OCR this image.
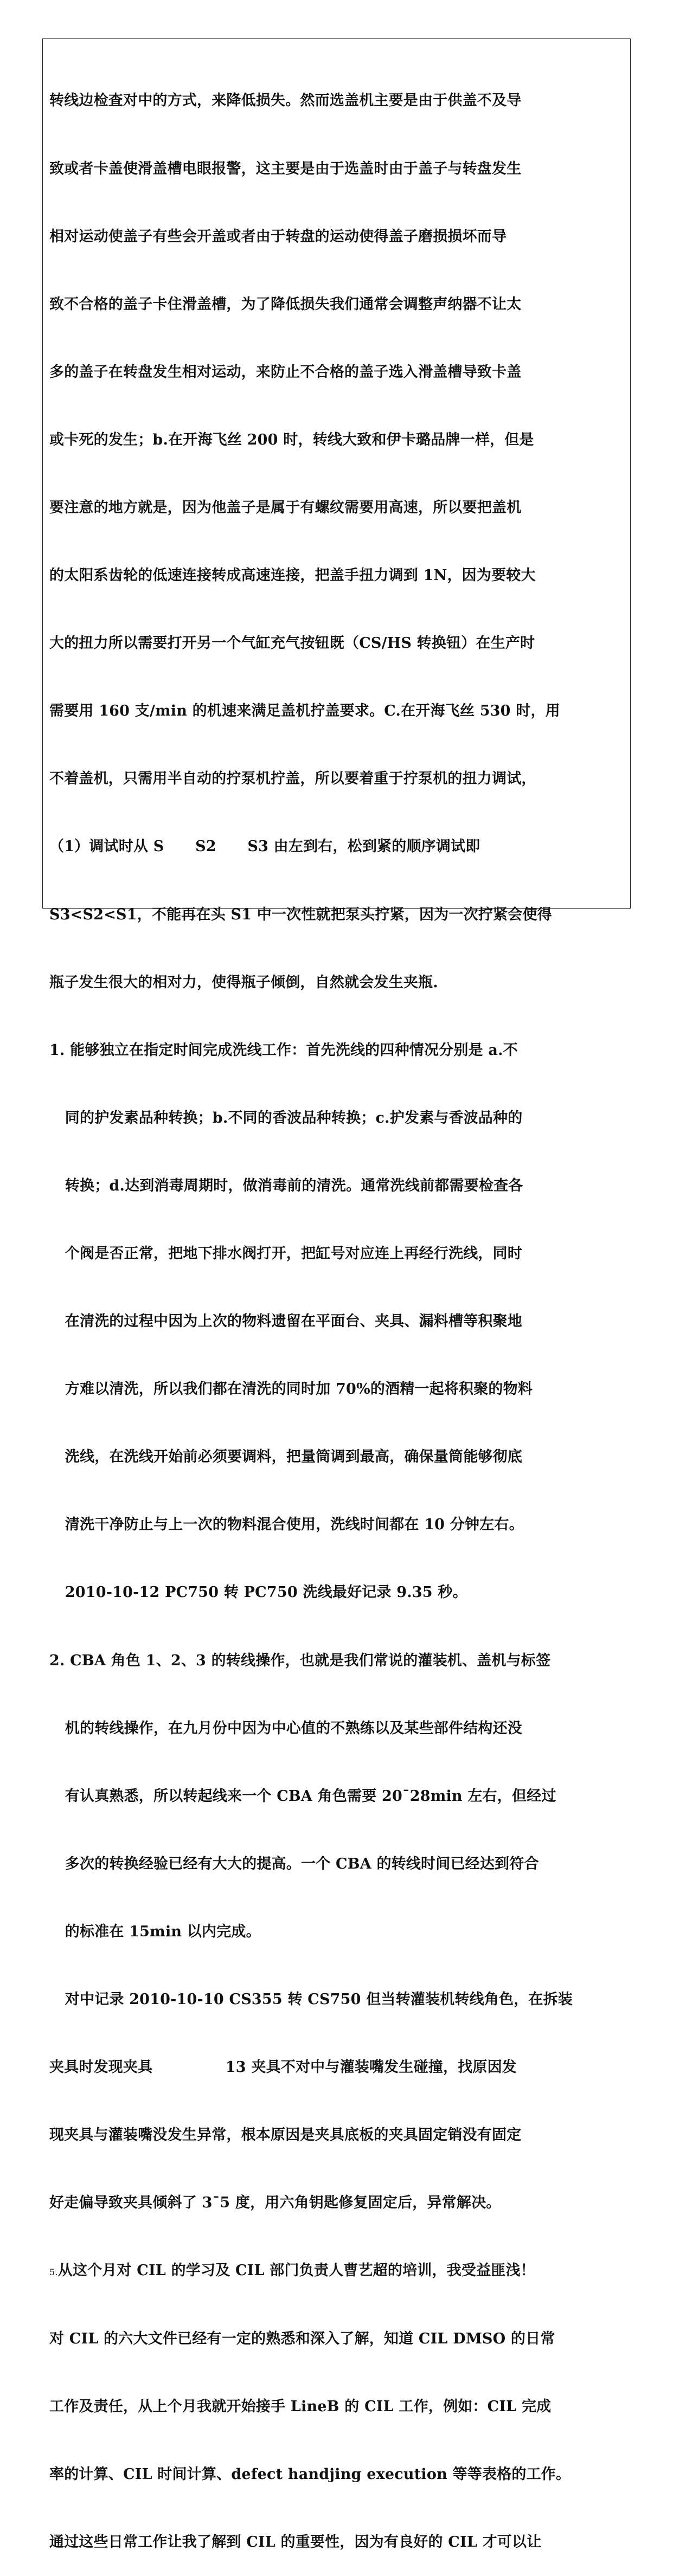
转线边检查对中的方式，来降低损失。然而选盖机主要是由于供盖不及导

致或者卡盖使滑盖槽电眼报警，这主要是由于选盖时由于盖子与转盘发生

相对运动使盖子有些会开盖或者由于转盘的运动使得盖子磨损损坏而导

致不合格的盖子卡住滑盖槽，为了降低损失我们通常会调整声纳器不让太

多的盖子在转盘发生相对运动，来防止不合格的盖子选入滑盖槽导致卡盖

或卡死的发生；b.在开海飞丝 200 时，转线大致和伊卡璐品牌一样，但是

要注意的地方就是，因为他盖子是属于有螺纹需要用高速，所以要把盖机

的太阳系齿轮的低速连接转成高速连接，把盖手扭力调到 1N，因为要较大

大的扭力所以需要打开另一个气缸充气按钮既（CS/HS 转换钮）在生产时

需要用 160 支/min 的机速来满足盖机拧盖要求。C.在开海飞丝 530 时，用

不着盖机，只需用半自动的拧泵机拧盖，所以要着重于拧泵机的扭力调试，

（1）调试时从 S      S2      S3 由左到右，松到紧的顺序调试即

S3<S2<S1，不能再在头 S1 中一次性就把泵头拧紧，因为一次拧紧会使得

瓶子发生很大的相对力，使得瓶子倾倒，自然就会发生夹瓶.

1. 能够独立在指定时间完成洗线工作：首先洗线的四种情况分别是 a.不

同的护发素品种转换；b.不同的香波品种转换；c.护发素与香波品种的

转换；d.达到消毒周期时，做消毒前的清洗。通常洗线前都需要检查各

个阀是否正常，把地下排水阀打开，把缸号对应连上再经行洗线，同时

在清洗的过程中因为上次的物料遗留在平面台、夹具、漏料槽等积聚地

方难以清洗，所以我们都在清洗的同时加 70%的酒精一起将积聚的物料

洗线，在洗线开始前必须要调料，把量筒调到最高，确保量筒能够彻底

清洗干净防止与上一次的物料混合使用，洗线时间都在 10 分钟左右。

2010-10-12 PC750 转 PC750 洗线最好记录 9.35 秒。

2. CBA 角色 1、2、3 的转线操作，也就是我们常说的灌装机、盖机与标签

机的转线操作，在九月份中因为中心值的不熟练以及某些部件结构还没

有认真熟悉，所以转起线来一个 CBA 角色需要 20¯28min 左右，但经过

多次的转换经验已经有大大的提高。一个 CBA 的转线时间已经达到符合

的标准在 15min 以内完成。

对中记录 2010-10-10 CS355 转 CS750 但当转灌装机转线角色，在拆装

夹具时发现夹具              13 夹具不对中与灌装嘴发生碰撞，找原因发

现夹具与灌装嘴没发生异常，根本原因是夹具底板的夹具固定销没有固定

好走偏导致夹具倾斜了 3¯5 度，用六角钥匙修复固定后，异常解决。

5.从这个月对 CIL 的学习及 CIL 部门负责人曹艺超的培训，我受益匪浅！

对 CIL 的六大文件已经有一定的熟悉和深入了解，知道 CIL DMSO 的日常

工作及责任，从上个月我就开始接手 LineB 的 CIL 工作，例如：CIL 完成

率的计算、CIL 时间计算、defect handjing execution 等等表格的工作。

通过这些日常工作让我了解到 CIL 的重要性，因为有良好的 CIL 才可以让
